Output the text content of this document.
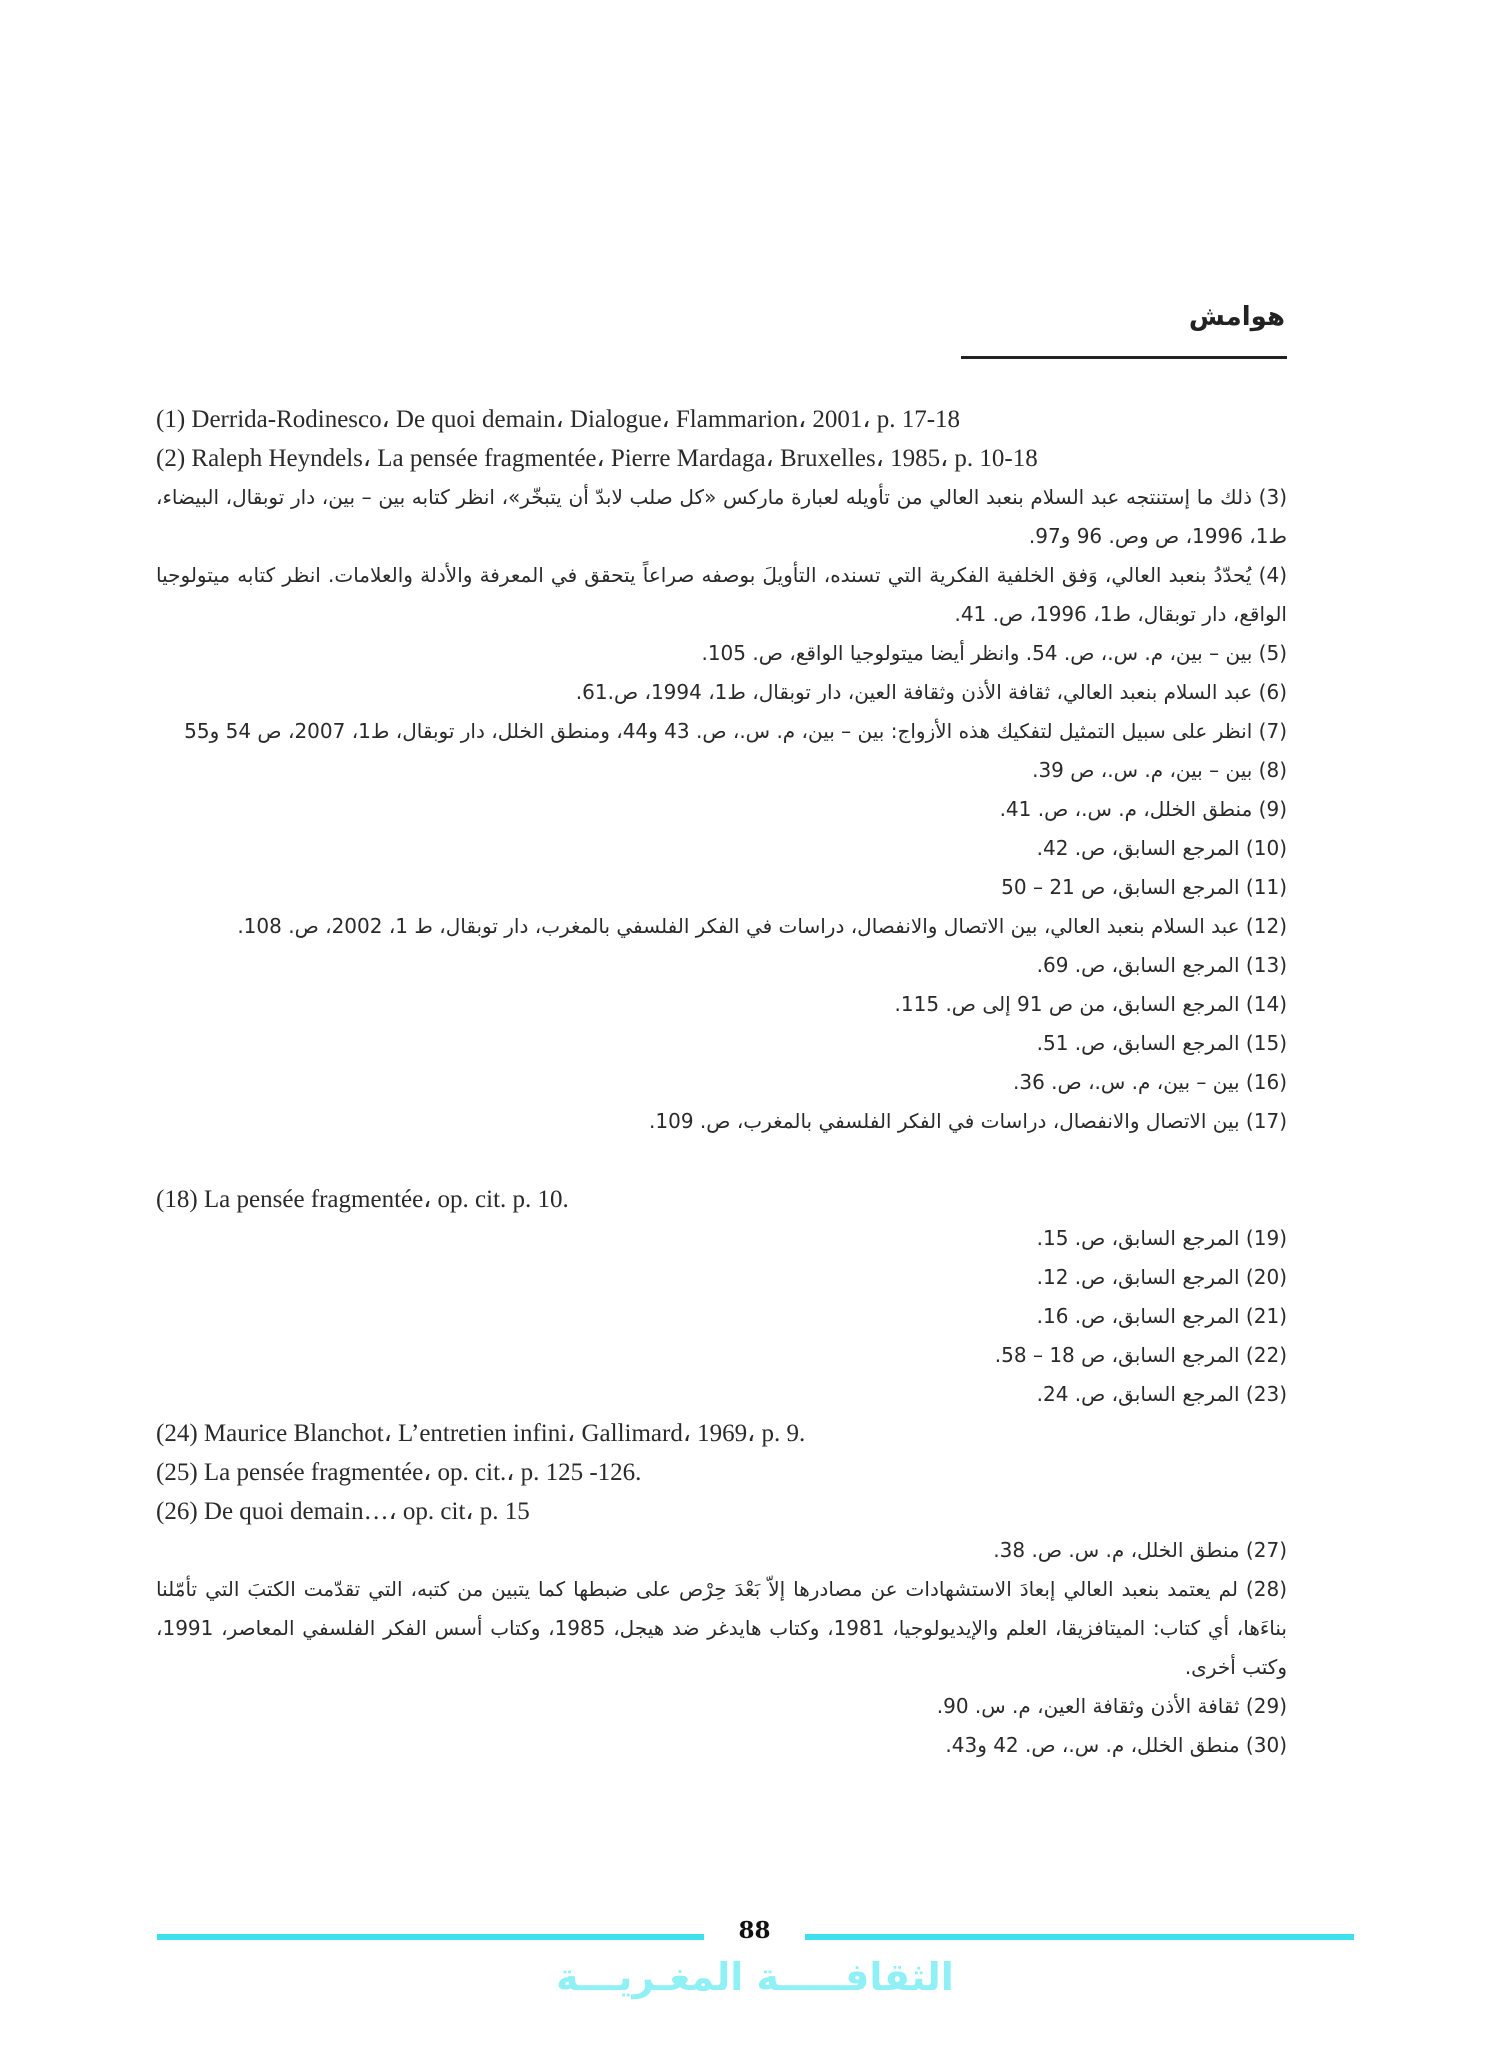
هوامش
(1) Derrida-Rodinesco، De quoi demain، Dialogue، Flammarion، 2001، p. 17-18
(2) Raleph Heyndels، La pensée fragmentée، Pierre Mardaga، Bruxelles، 1985، p. 10-18
(3) ذلك ما إستنتجه عبد السلام بنعبد العالي من تأويله لعبارة ماركس «كل صلب لابدّ أن يتبخّر»، انظر كتابه بين – بين، دار توبقال، البيضاء، ط1، 1996، ص وص. 96 و97.
(4) يُحدّدُ بنعبد العالي، وَفق الخلفية الفكرية التي تسنده، التأويلَ بوصفه صراعاً يتحقق في المعرفة والأدلة والعلامات. انظر كتابه ميتولوجيا الواقع، دار توبقال، ط1، 1996، ص. 41.
(5) بين – بين، م. س.، ص. 54. وانظر أيضا ميتولوجيا الواقع، ص. 105.
(6) عبد السلام بنعبد العالي، ثقافة الأذن وثقافة العين، دار توبقال، ط1، 1994، ص.61.
(7) انظر على سبيل التمثيل لتفكيك هذه الأزواج: بين – بين، م. س.، ص. 43 و44، ومنطق الخلل، دار توبقال، ط1، 2007، ص 54 و55
(8) بين – بين، م. س.، ص 39.
(9) منطق الخلل، م. س.، ص. 41.
(10) المرجع السابق، ص. 42.
(11) المرجع السابق، ص 21 – 50
(12) عبد السلام بنعبد العالي، بين الاتصال والانفصال، دراسات في الفكر الفلسفي بالمغرب، دار توبقال، ط 1، 2002، ص. 108.
(13) المرجع السابق، ص. 69.
(14) المرجع السابق، من ص 91 إلى ص. 115.
(15) المرجع السابق، ص. 51.
(16) بين – بين، م. س.، ص. 36.
(17) بين الاتصال والانفصال، دراسات في الفكر الفلسفي بالمغرب، ص. 109.
(18) La pensée fragmentée، op. cit. p. 10.
(19) المرجع السابق، ص. 15.
(20) المرجع السابق، ص. 12.
(21) المرجع السابق، ص. 16.
(22) المرجع السابق، ص 18 – 58.
(23) المرجع السابق، ص. 24.
(24) Maurice Blanchot، L’entretien infini، Gallimard، 1969، p. 9.
(25) La pensée fragmentée، op. cit.، p. 125 -126.
(26) De quoi demain…، op. cit، p. 15
(27) منطق الخلل، م. س. ص. 38.
(28) لم يعتمد بنعبد العالي إبعادَ الاستشهادات عن مصادرها إلاّ بَعْدَ حِرْص على ضبطها كما يتبين من كتبه، التي تقدّمت الكتبَ التي تأمّلنا بناءَها، أي كتاب: الميتافزيقا، العلم والإيديولوجيا، 1981، وكتاب هايدغر ضد هيجل، 1985، وكتاب أسس الفكر الفلسفي المعاصر، 1991، وكتب أخرى.
(29) ثقافة الأذن وثقافة العين، م. س. 90.
(30) منطق الخلل، م. س.، ص. 42 و43.
88
الثقافـــــة المغـريـــة
